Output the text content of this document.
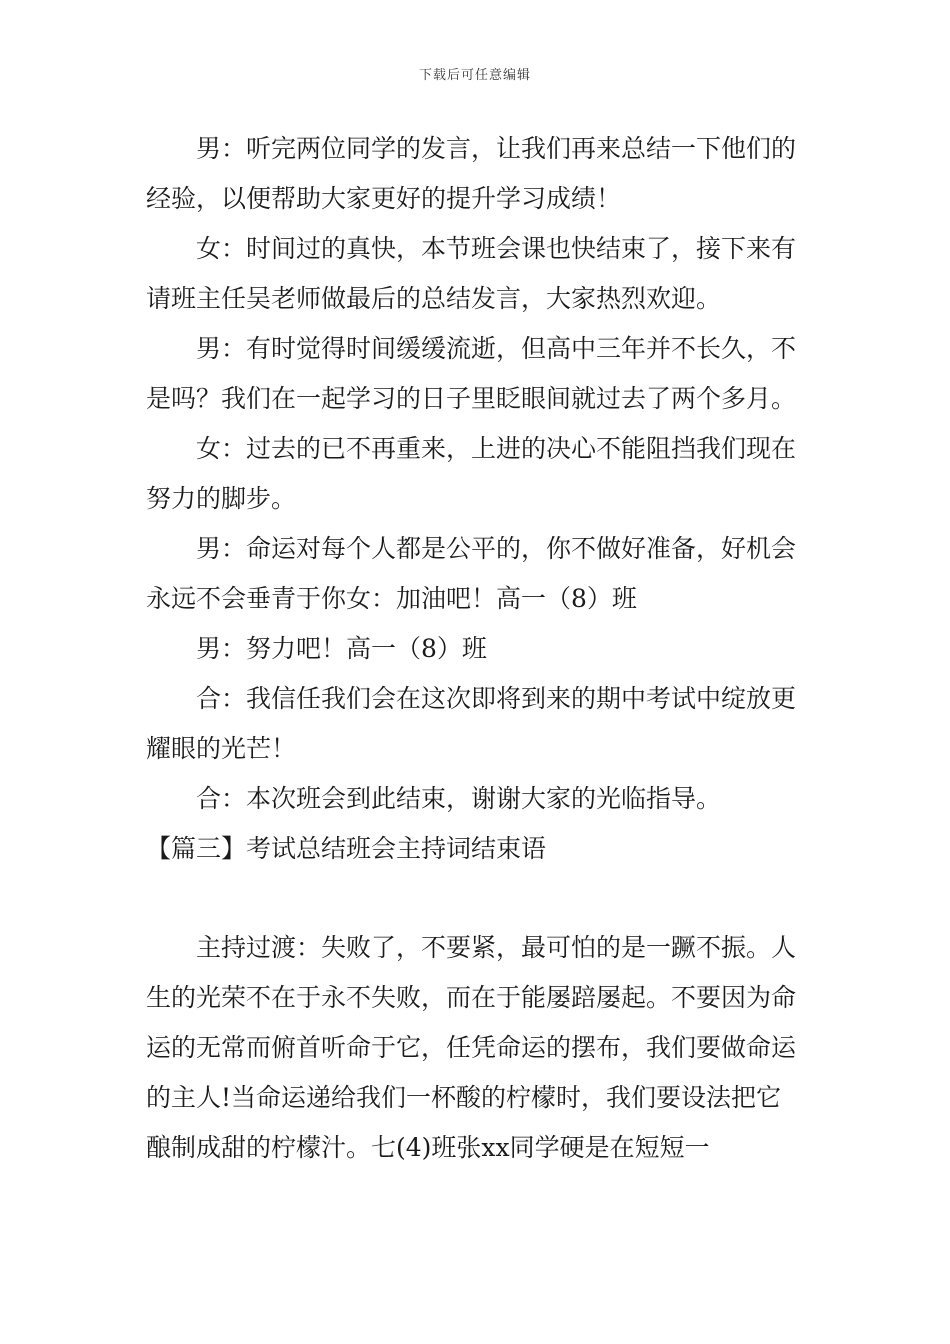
下载后可任意编辑

男：听完两位同学的发言，让我们再来总结一下他们的经验，以便帮助大家更好的提升学习成绩！

女：时间过的真快，本节班会课也快结束了，接下来有请班主任吴老师做最后的总结发言，大家热烈欢迎。

男：有时觉得时间缓缓流逝，但高中三年并不长久，不是吗？我们在一起学习的日子里眨眼间就过去了两个多月。

女：过去的已不再重来，上进的决心不能阻挡我们现在努力的脚步。

男：命运对每个人都是公平的，你不做好准备，好机会永远不会垂青于你女：加油吧！高一（8）班

男：努力吧！高一（8）班

合：我信任我们会在这次即将到来的期中考试中绽放更耀眼的光芒！

合：本次班会到此结束，谢谢大家的光临指导。

【篇三】考试总结班会主持词结束语

主持过渡：失败了，不要紧，最可怕的是一蹶不振。人生的光荣不在于永不失败，而在于能屡踣屡起。不要因为命运的无常而俯首听命于它，任凭命运的摆布，我们要做命运的主人!当命运递给我们一杯酸的柠檬时，我们要设法把它酿制成甜的柠檬汁。七(4)班张xx同学硬是在短短一
